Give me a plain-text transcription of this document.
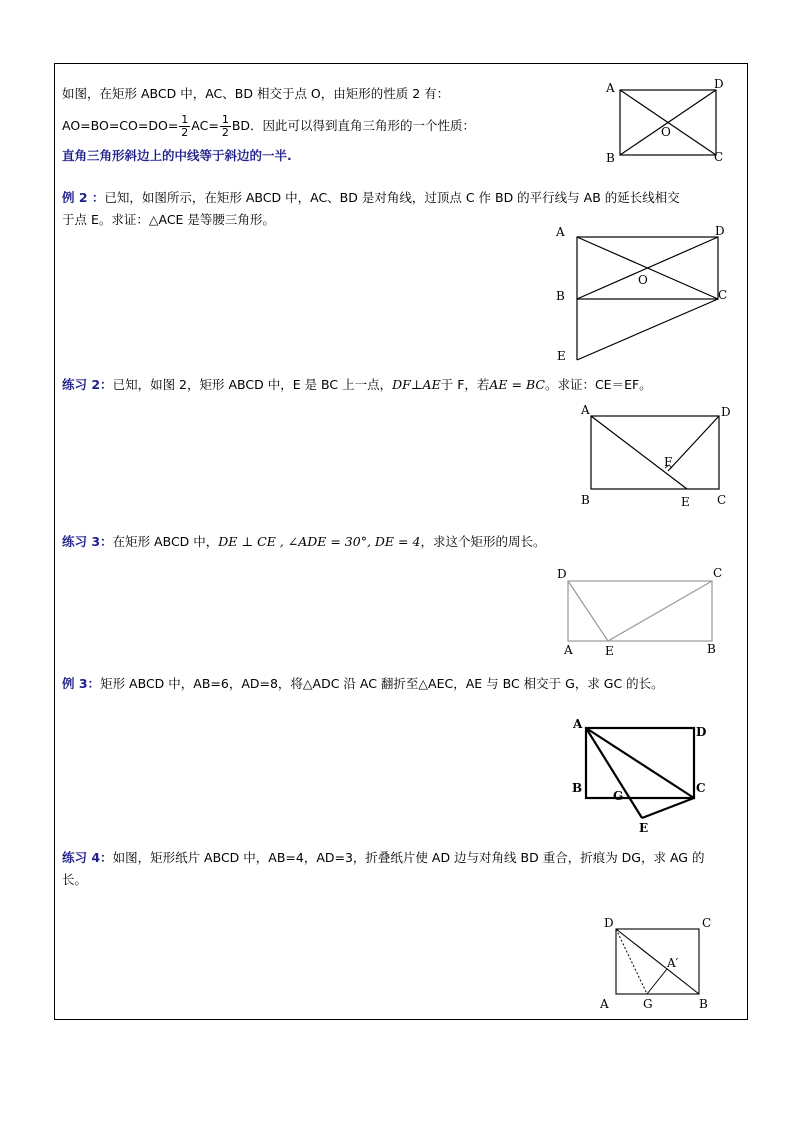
如图，在矩形 ABCD 中，AC、BD 相交于点 O，由矩形的性质 2 有：
$AO=BO=CO=DO= \frac{1}{2} AC= \frac{1}{2}$ BD．因此可以得到直角三角形的一个性质：
直角三角形斜边上的中线等于斜边的一半.
A	D
B	C
O
例 2 ：已知，如图所示，在矩形 ABCD 中，AC、BD 是对角线，过顶点 C 作 BD 的平行线与 AB 的延长线相交
于点 E。求证：△ACE 是等腰三角形。
A	D
B	C
O
E
练习 2：已知，如图 2，矩形 ABCD 中，E 是 BC 上一点，DF⊥AE于 F，若AE = BC。求证：CE＝EF。
A	D
B	C
E
F
练习 3：在矩形 ABCD 中，DE ⊥ CE , ∠ADE = 30°, DE = 4，求这个矩形的周长。
D	C
A	E	B
例 3：矩形 ABCD 中，AB=6，AD=8，将△ADC 沿 AC 翻折至△AEC，AE 与 BC 相交于 G，求 GC 的长。
A
D
B	C
G
E
练习 4：如图，矩形纸片 ABCD 中，AB=4，AD=3，折叠纸片使 AD 边与对角线 BD 重合，折痕为 DG，求 AG 的
长。
D	C
A	G	B
A′
